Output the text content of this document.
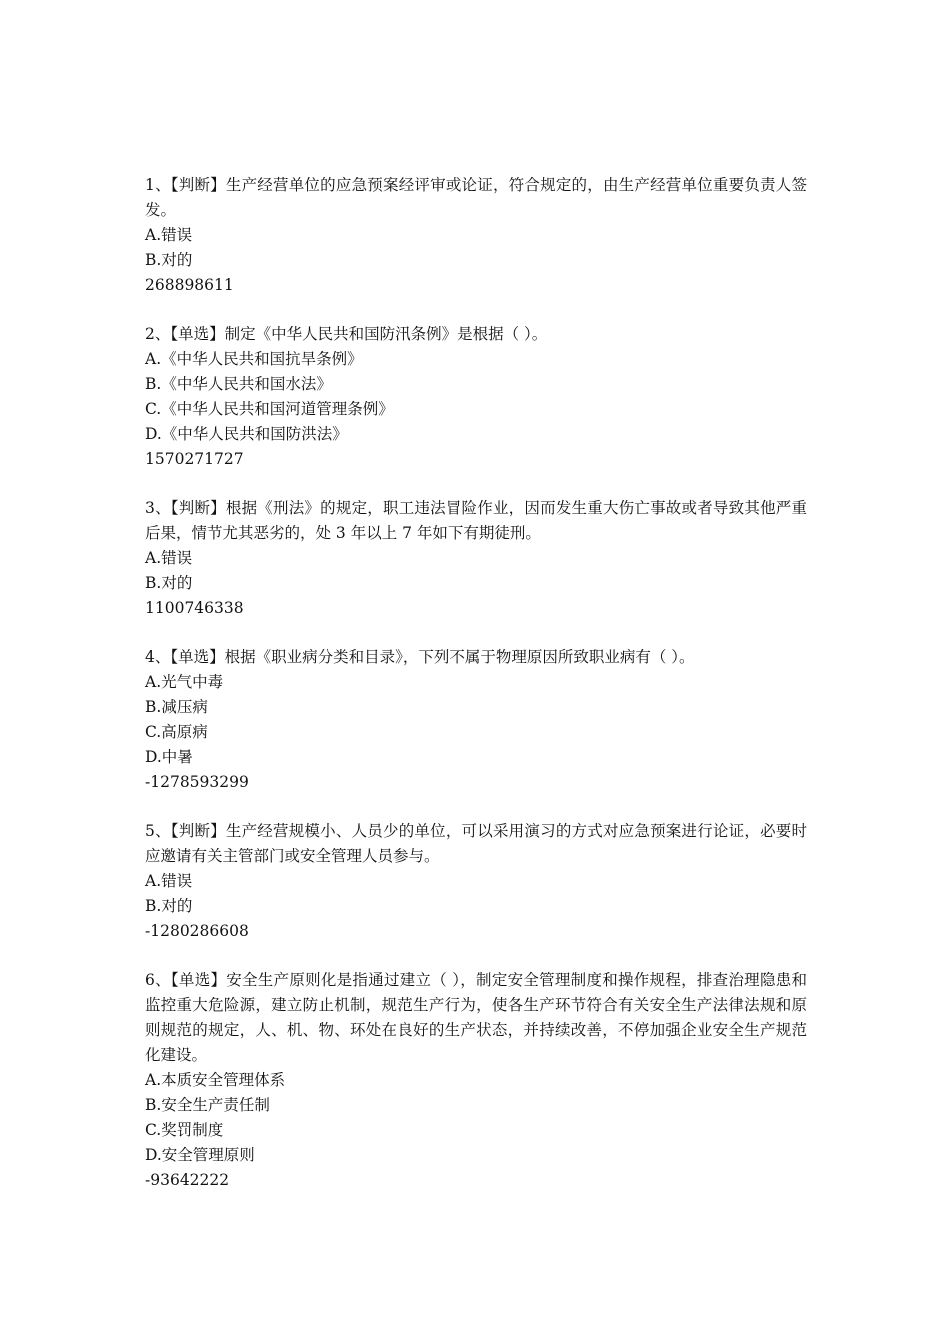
1、【判断】生产经营单位的应急预案经评审或论证，符合规定的，由生产经营单位重要负责人签发。
A.错误
B.对的
268898611
2、【单选】制定《中华人民共和国防汛条例》是根据（ ）。
A.《中华人民共和国抗旱条例》
B.《中华人民共和国水法》
C.《中华人民共和国河道管理条例》
D.《中华人民共和国防洪法》
1570271727
3、【判断】根据《刑法》的规定，职工违法冒险作业，因而发生重大伤亡事故或者导致其他严重后果，情节尤其恶劣的，处 3 年以上 7 年如下有期徒刑。
A.错误
B.对的
1100746338
4、【单选】根据《职业病分类和目录》，下列不属于物理原因所致职业病有（ ）。
A.光气中毒
B.减压病
C.高原病
D.中暑
-1278593299
5、【判断】生产经营规模小、人员少的单位，可以采用演习的方式对应急预案进行论证，必要时应邀请有关主管部门或安全管理人员参与。
A.错误
B.对的
-1280286608
6、【单选】安全生产原则化是指通过建立（ ），制定安全管理制度和操作规程，排查治理隐患和监控重大危险源，建立防止机制，规范生产行为，使各生产环节符合有关安全生产法律法规和原则规范的规定，人、机、物、环处在良好的生产状态，并持续改善，不停加强企业安全生产规范化建设。
A.本质安全管理体系
B.安全生产责任制
C.奖罚制度
D.安全管理原则
-93642222
